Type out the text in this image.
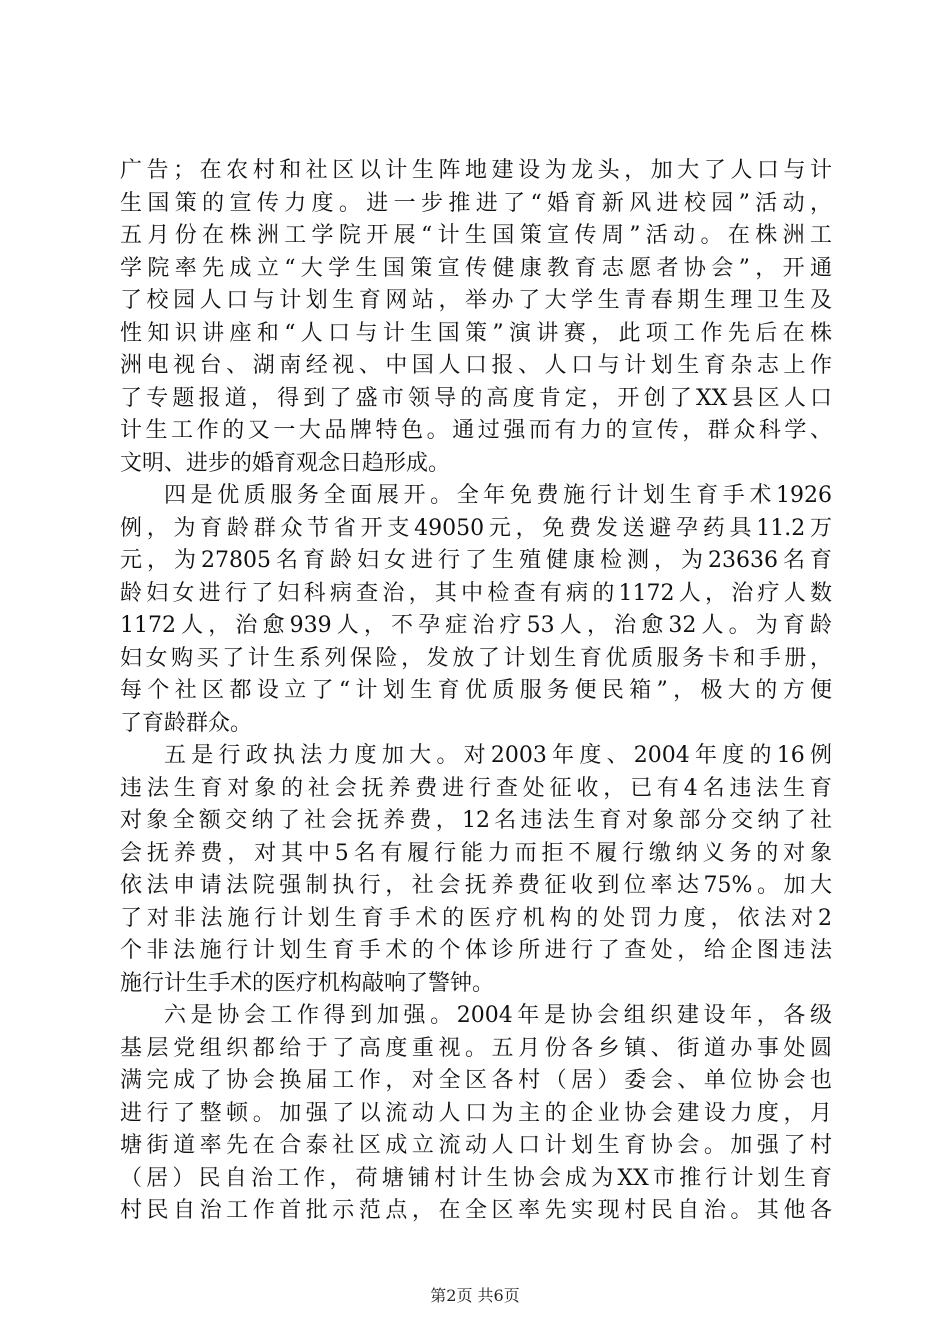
广告；在农村和社区以计生阵地建设为龙头，加大了人口与计
生国策的宣传力度。进一步推进了“婚育新风进校园”活动，
五月份在株洲工学院开展“计生国策宣传周”活动。在株洲工
学院率先成立“大学生国策宣传健康教育志愿者协会”，开通
了校园人口与计划生育网站，举办了大学生青春期生理卫生及
性知识讲座和“人口与计生国策”演讲赛，此项工作先后在株
洲电视台、湖南经视、中国人口报、人口与计划生育杂志上作
了专题报道，得到了盛市领导的高度肯定，开创了XX县区人口
计生工作的又一大品牌特色。通过强而有力的宣传，群众科学、
文明、进步的婚育观念日趋形成。
四是优质服务全面展开。全年免费施行计划生育手术1926
例，为育龄群众节省开支49050元，免费发送避孕药具11.2万
元，为27805名育龄妇女进行了生殖健康检测，为23636名育
龄妇女进行了妇科病查治，其中检查有病的1172人，治疗人数
1172人，治愈939人，不孕症治疗53人，治愈32人。为育龄
妇女购买了计生系列保险，发放了计划生育优质服务卡和手册，
每个社区都设立了“计划生育优质服务便民箱”，极大的方便
了育龄群众。
五是行政执法力度加大。对2003年度、2004年度的16例
违法生育对象的社会抚养费进行查处征收，已有4名违法生育
对象全额交纳了社会抚养费，12名违法生育对象部分交纳了社
会抚养费，对其中5名有履行能力而拒不履行缴纳义务的对象
依法申请法院强制执行，社会抚养费征收到位率达75%。加大
了对非法施行计划生育手术的医疗机构的处罚力度，依法对2
个非法施行计划生育手术的个体诊所进行了查处，给企图违法
施行计生手术的医疗机构敲响了警钟。
六是协会工作得到加强。2004年是协会组织建设年，各级
基层党组织都给于了高度重视。五月份各乡镇、街道办事处圆
满完成了协会换届工作，对全区各村（居）委会、单位协会也
进行了整顿。加强了以流动人口为主的企业协会建设力度，月
塘街道率先在合泰社区成立流动人口计划生育协会。加强了村
（居）民自治工作，荷塘铺村计生协会成为XX市推行计划生育
村民自治工作首批示范点，在全区率先实现村民自治。其他各
第2页 共6页
